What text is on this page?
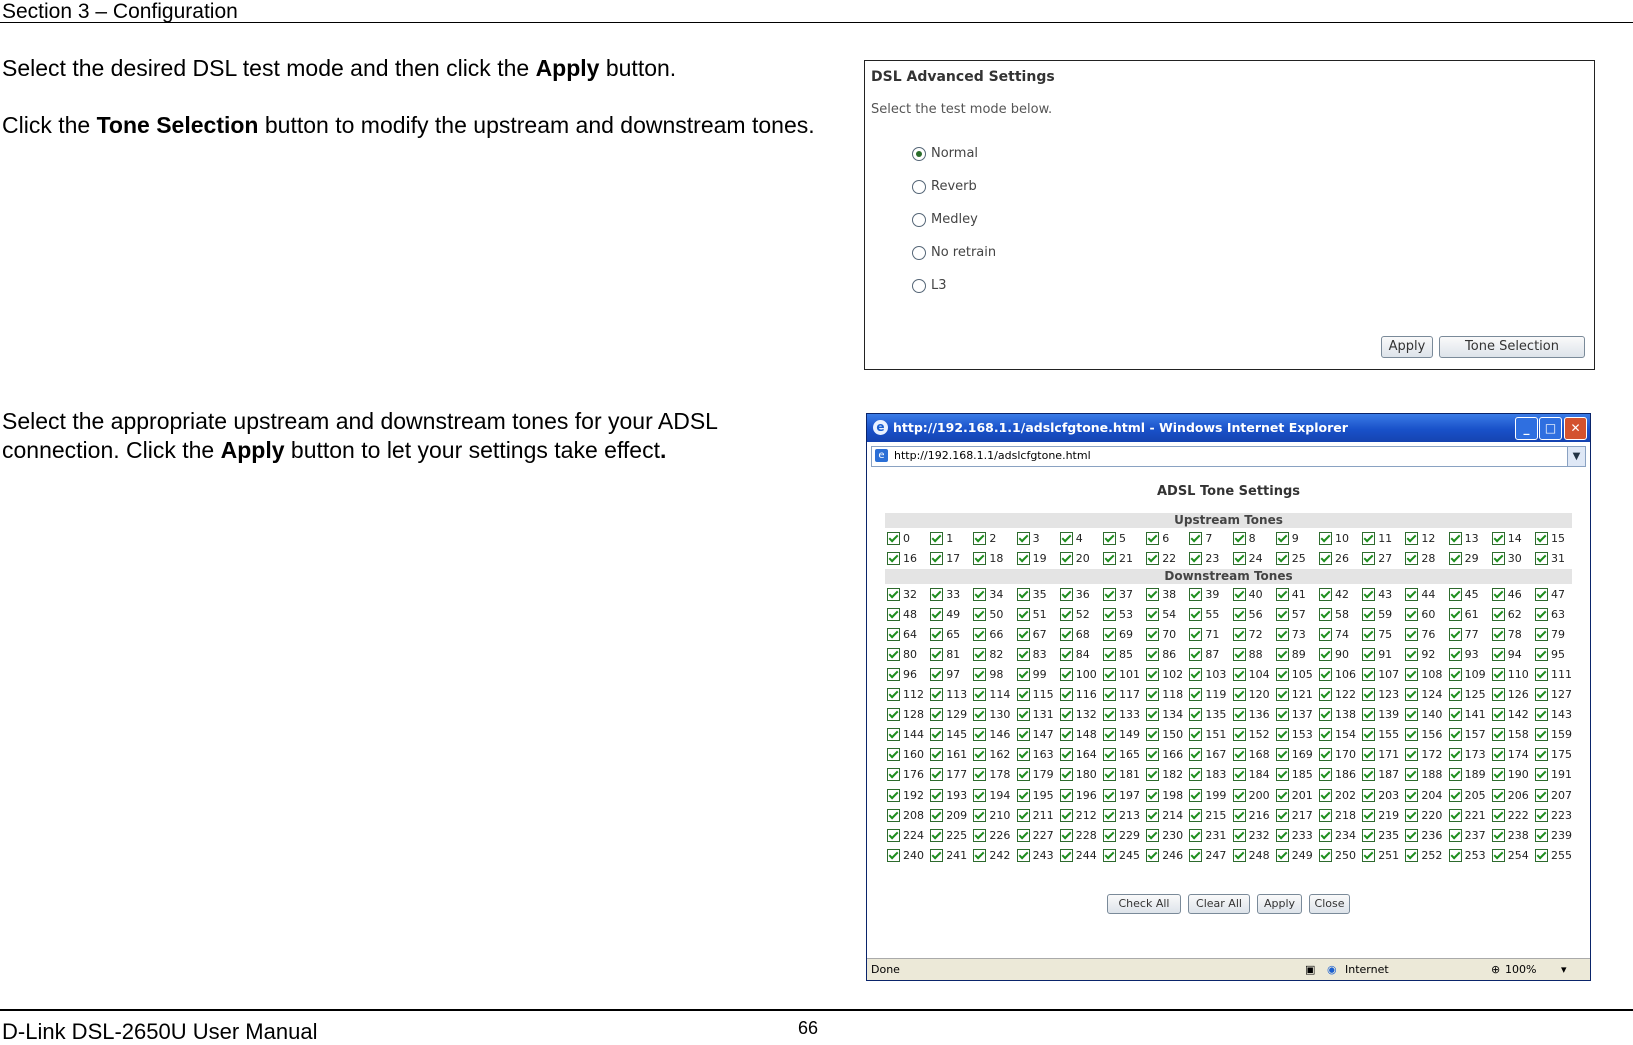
Section 3 – Configuration

Select the desired DSL test mode and then click the Apply button.

Click the Tone Selection button to modify the upstream and downstream tones.

Select the appropriate upstream and downstream tones for your ADSL connection. Click the Apply button to let your settings take effect.

DSL Advanced Settings
Select the test mode below.
Normal
Reverb
Medley
No retrain
L3
Apply	Tone Selection
e http://192.168.1.1/adslcfgtone.html - Windows Internet Explorer	_	□	✕
e http://192.168.1.1/adslcfgtone.html	▼
ADSL Tone Settings
Upstream Tones
Downstream Tones
0	1	2	3	4	5	6	7	8	9	10	11	12	13	14	15
16	17	18	19	20	21	22	23	24	25	26	27	28	29	30	31
32	33	34	35	36	37	38	39	40	41	42	43	44	45	46	47
48	49	50	51	52	53	54	55	56	57	58	59	60	61	62	63
64	65	66	67	68	69	70	71	72	73	74	75	76	77	78	79
80	81	82	83	84	85	86	87	88	89	90	91	92	93	94	95
96	97	98	99	100 101 102 103 104 105 106 107 108 109 110 111
112 113 114 115 116 117 118 119 120 121 122 123 124 125 126 127
128 129 130 131 132 133 134 135 136 137 138 139 140 141 142 143
144 145 146 147 148 149 150 151 152 153 154 155 156 157 158 159
160 161 162 163 164 165 166 167 168 169 170 171 172 173 174 175
176 177 178 179 180 181 182 183 184 185 186 187 188 189 190 191
192 193 194 195 196 197 198 199 200 201 202 203 204 205 206 207
208 209 210 211 212 213 214 215 216 217 218 219 220 221 222 223
224 225 226 227 228 229 230 231 232 233 234 235 236 237 238 239
240 241 242 243 244 245 246 247 248 249 250 251 252 253 254 255
Check All	Clear All	Apply	Close
Done	▣ ◉ Internet	⊕ 100% ▾
D-Link DSL-2650U User Manual	66
